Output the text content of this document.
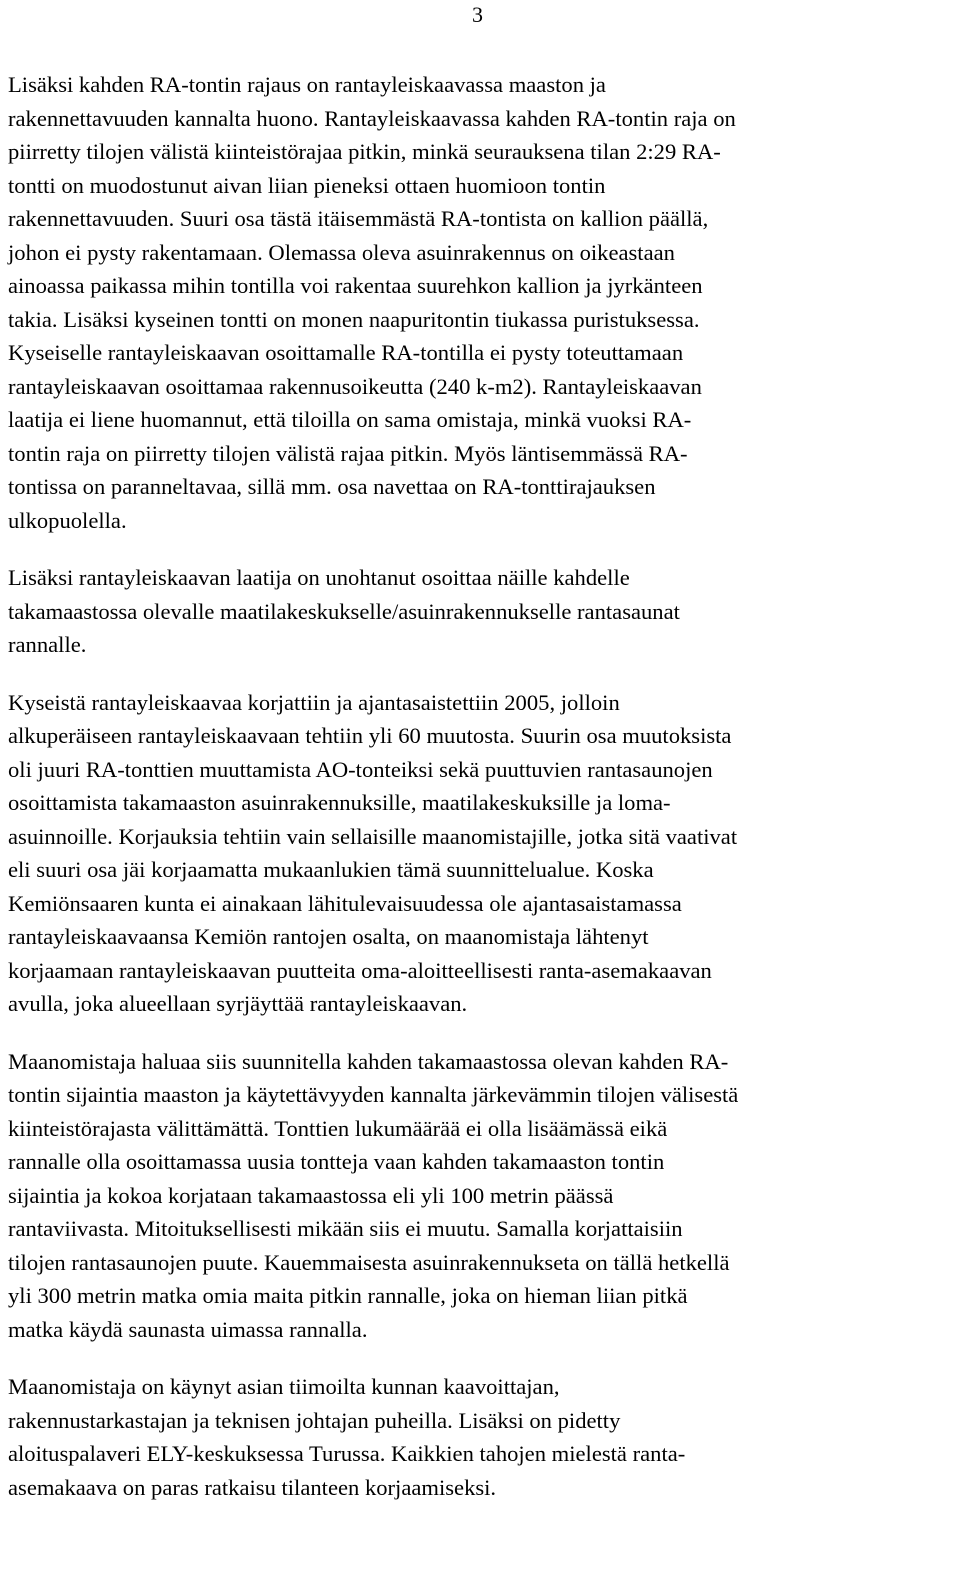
3

Lisäksi kahden RA-tontin rajaus on rantayleiskaavassa maaston ja
rakennettavuuden kannalta huono. Rantayleiskaavassa kahden RA-tontin raja on
piirretty tilojen välistä kiinteistörajaa pitkin, minkä seurauksena tilan 2:29 RA-
tontti on muodostunut aivan liian pieneksi ottaen huomioon tontin
rakennettavuuden. Suuri osa tästä itäisemmästä RA-tontista on kallion päällä,
johon ei pysty rakentamaan. Olemassa oleva asuinrakennus on oikeastaan
ainoassa paikassa mihin tontilla voi rakentaa suurehkon kallion ja jyrkänteen
takia. Lisäksi kyseinen tontti on monen naapuritontin tiukassa puristuksessa.
Kyseiselle rantayleiskaavan osoittamalle RA-tontilla ei pysty toteuttamaan
rantayleiskaavan osoittamaa rakennusoikeutta (240 k-m2). Rantayleiskaavan
laatija ei liene huomannut, että tiloilla on sama omistaja, minkä vuoksi RA-
tontin raja on piirretty tilojen välistä rajaa pitkin. Myös läntisemmässä RA-
tontissa on paranneltavaa, sillä mm. osa navettaa on RA-tonttirajauksen
ulkopuolella.

Lisäksi rantayleiskaavan laatija on unohtanut osoittaa näille kahdelle
takamaastossa olevalle maatilakeskukselle/asuinrakennukselle rantasaunat
rannalle.

Kyseistä rantayleiskaavaa korjattiin ja ajantasaistettiin 2005, jolloin
alkuperäiseen rantayleiskaavaan tehtiin yli 60 muutosta. Suurin osa muutoksista
oli juuri RA-tonttien muuttamista AO-tonteiksi sekä puuttuvien rantasaunojen
osoittamista takamaaston asuinrakennuksille, maatilakeskuksille ja loma-
asuinnoille. Korjauksia tehtiin vain sellaisille maanomistajille, jotka sitä vaativat
eli suuri osa jäi korjaamatta mukaanlukien tämä suunnittelualue. Koska
Kemiönsaaren kunta ei ainakaan lähitulevaisuudessa ole ajantasaistamassa
rantayleiskaavaansa Kemiön rantojen osalta, on maanomistaja lähtenyt
korjaamaan rantayleiskaavan puutteita oma-aloitteellisesti ranta-asemakaavan
avulla, joka alueellaan syrjäyttää rantayleiskaavan.

Maanomistaja haluaa siis suunnitella kahden takamaastossa olevan kahden RA-
tontin sijaintia maaston ja käytettävyyden kannalta järkevämmin tilojen välisestä
kiinteistörajasta välittämättä. Tonttien lukumäärää ei olla lisäämässä eikä
rannalle olla osoittamassa uusia tontteja vaan kahden takamaaston tontin
sijaintia ja kokoa korjataan takamaastossa eli yli 100 metrin päässä
rantaviivasta. Mitoituksellisesti mikään siis ei muutu. Samalla korjattaisiin
tilojen rantasaunojen puute. Kauemmaisesta asuinrakennukseta on tällä hetkellä
yli 300 metrin matka omia maita pitkin rannalle, joka on hieman liian pitkä
matka käydä saunasta uimassa rannalla.

Maanomistaja on käynyt asian tiimoilta kunnan kaavoittajan,
rakennustarkastajan ja teknisen johtajan puheilla. Lisäksi on pidetty
aloituspalaveri ELY-keskuksessa Turussa. Kaikkien tahojen mielestä ranta-
asemakaava on paras ratkaisu tilanteen korjaamiseksi.
